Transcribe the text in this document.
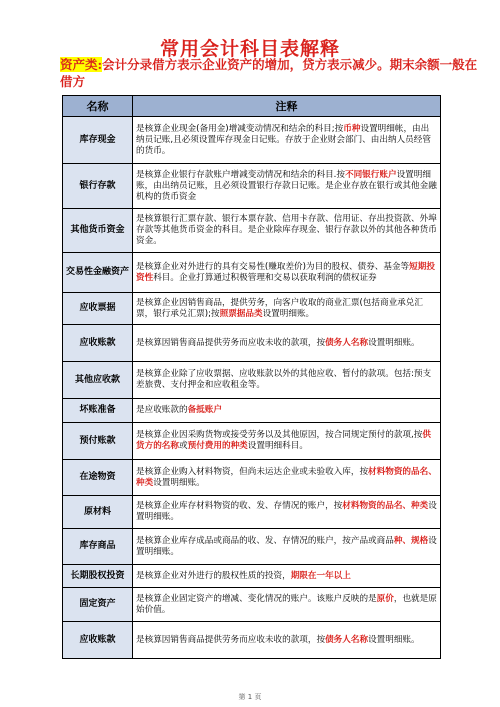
常用会计科目表解释
资产类:会计分录借方表示企业资产的增加，贷方表示减少。期末余额一般在借方
名称	注释
库存现金	是核算企业现金(备用金)增减变动情况和结余的科目;按币种设置明细帐，由出纳员记账,且必须设置库存现金日记账。存放于企业财会部门、由出纳人员经管的货币。
银行存款	是核算企业银行存款账户增减变动情况和结余的科目.按不同银行账户设置明细账，由出纳员记账，且必须设置银行存款日记账。是企业存放在银行或其他金融机构的货币资金
其他货币资金	是核算银行汇票存款、银行本票存款、信用卡存款、信用证、存出投资款、外埠存款等其他货币资金的科目。是企业除库存现金、银行存款以外的其他各种货币资金。
交易性金融资产	是核算企业对外进行的具有交易性(赚取差价)为目的股权、债券、基金等短期投资性科目。企业打算通过积极管理和交易以获取利润的债权证券
应收票据	是核算企业因销售商品，提供劳务，向客户收取的商业汇票(包括商业承兑汇票，银行承兑汇票);按照票据品类设置明细账。
应收账款	是核算因销售商品提供劳务而应收未收的款项，按债务人名称设置明细账。
其他应收款	是核算企业除了应收票据、应收账款以外的其他应收、暂付的款项。包括:预支差旅费、支付押金和应收租金等。
坏账准备	是应收账款的备抵账户
预付账款	是核算企业因采购货物或接受劳务以及其他原因，按合同规定预付的款项,按供货方的名称或预付费用的种类设置明细科目。
在途物资	是核算企业购入材料物资，但尚未运达企业或未验收入库，按材料物资的品名、种类设置明细账。
原材料	是核算企业库存材料物资的收、发、存情况的账户，按材料物资的品名、种类设置明细账。
库存商品	是核算企业库存成品或商品的收、发、存情况的账户，按产品或商品种、规格设置明细账。
长期股权投资	是核算企业对外进行的股权性质的投资，期限在一年以上
固定资产	是核算企业固定资产的增减、变化情况的账户。该账户反映的是原价，也就是原始价值。
应收账款	是核算因销售商品提供劳务而应收未收的款项，按债务人名称设置明细账。
第 1 页
